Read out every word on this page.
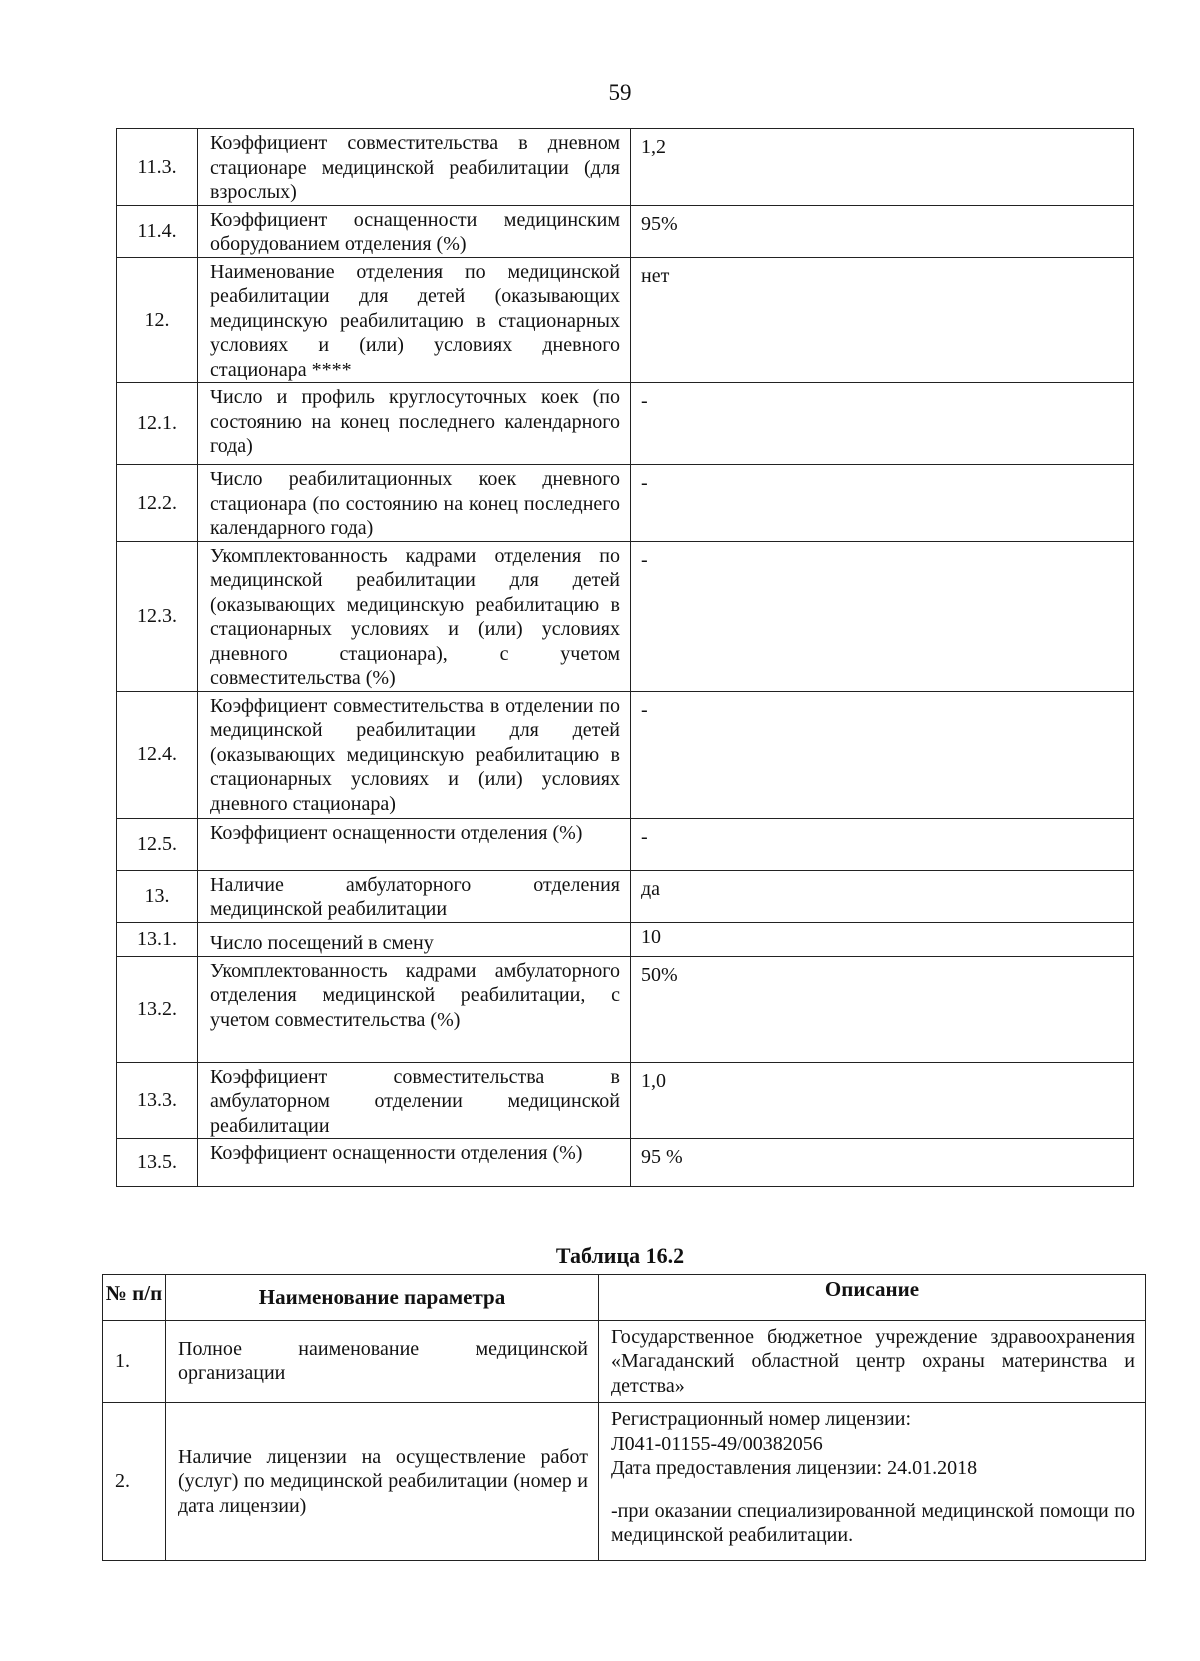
59
11.3.	Коэффициент совместительства в дневном стационаре медицинской реабилитации (для взрослых)	1,2
11.4.	Коэффициент оснащенности медицинским оборудованием отделения (%)	95%
12.	Наименование отделения по медицинской реабилитации для детей (оказывающих медицинскую реабилитацию в стационарных условиях и (или) условиях дневного стационара ****	нет
12.1.	Число и профиль круглосуточных коек (по состоянию на конец последнего календарного года)	-
12.2.	Число реабилитационных коек дневного стационара (по состоянию на конец последнего календарного года)	-
12.3.	Укомплектованность кадрами отделения по медицинской реабилитации для детей (оказывающих медицинскую реабилитацию в стационарных условиях и (или) условиях дневного стационара), с учетом совместительства (%)	-
12.4.	Коэффициент совместительства в отделении по медицинской реабилитации для детей (оказывающих медицинскую реабилитацию в стационарных условиях и (или) условиях дневного стационара)	-
12.5.	Коэффициент оснащенности отделения (%)	-
13.	Наличие амбулаторного отделения медицинской реабилитации	да
13.1.	Число посещений в смену	10
13.2.	Укомплектованность кадрами амбулаторного отделения медицинской реабилитации, с учетом совместительства (%)	50%
13.3.	Коэффициент совместительства в амбулаторном отделении медицинской реабилитации	1,0
13.5.	Коэффициент оснащенности отделения (%)	95 %
Таблица 16.2
№ п/п	Наименование параметра	Описание
1.	Полное наименование медицинской организации	Государственное бюджетное учреждение здравоохранения «Магаданский областной центр охраны материнства и детства»

2.	Наличие лицензии на осуществление работ (услуг) по медицинской реабилитации (номер и дата лицензии)	Регистрационный номер лицензии:
Л041-01155-49/00382056
Дата предоставления лицензии: 24.01.2018
-при оказании специализированной медицинской помощи по медицинской реабилитации.
